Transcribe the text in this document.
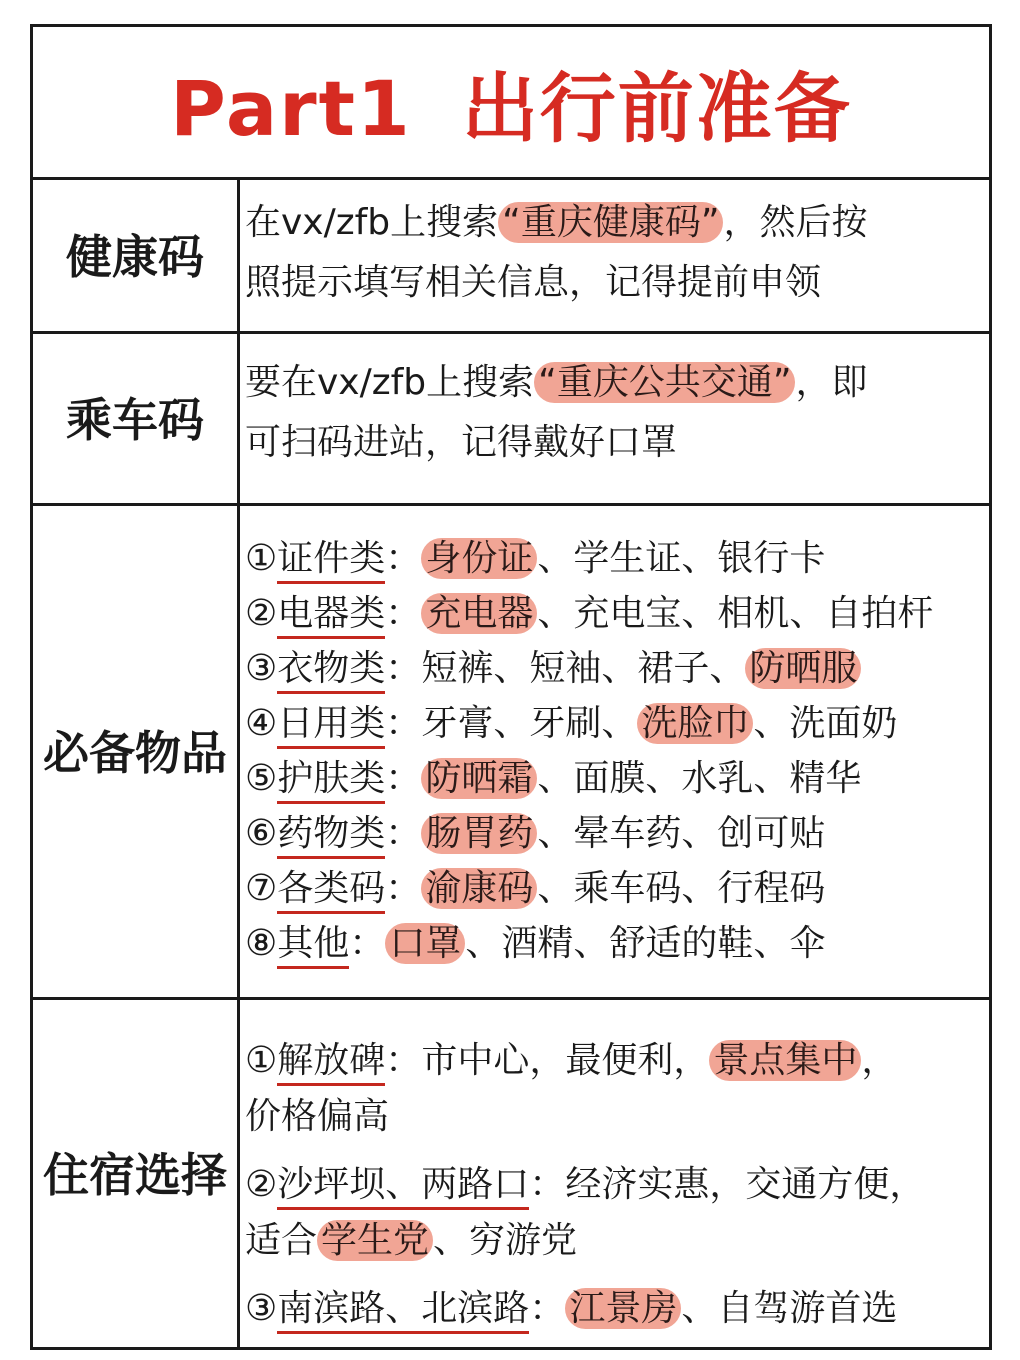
Part1 出行前准备
健康码
在vx/zfb上搜索 “重庆健康码” ，然后按
照提示填写相关信息，记得提前申领
乘车码
要在vx/zfb上搜索 “重庆公共交通” ，即
可扫码进站，记得戴好口罩
必备物品
①证件类： 身份证 、学生证、银行卡
②电器类： 充电器 、充电宝、相机、自拍杆
③衣物类：短裤、短袖、裙子、 防晒服
④日用类：牙膏、牙刷、 洗脸巾 、洗面奶
⑤护肤类： 防晒霜 、面膜、水乳、精华
⑥药物类： 肠胃药 、晕车药、创可贴
⑦各类码： 渝康码 、乘车码、行程码
⑧其他： 口罩 、酒精、舒适的鞋、伞
住宿选择
①解放碑：市中心，最便利， 景点集中 ，
价格偏高
②沙坪坝、两路口：经济实惠，交通方便，
适合 学生党 、穷游党
③南滨路、北滨路： 江景房 、自驾游首选
